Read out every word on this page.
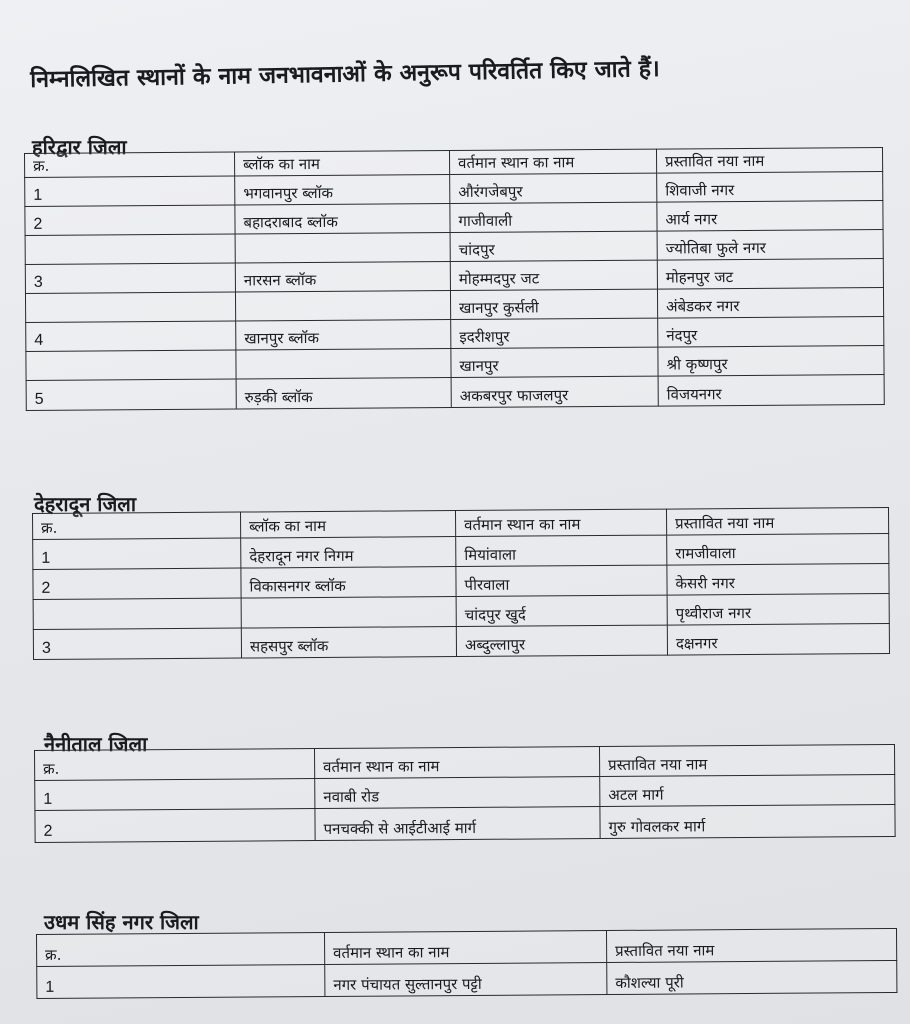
निम्नलिखित स्थानों के नाम जनभावनाओं के अनुरूप परिवर्तित किए जाते हैं।
हरिद्वार जिला
क्र.	ब्लॉक का नाम	वर्तमान स्थान का नाम	प्रस्तावित नया नाम
1	भगवानपुर ब्लॉक	औरंगजेबपुर	शिवाजी नगर
2	बहादराबाद ब्लॉक	गाजीवाली	आर्य नगर
		चांदपुर	ज्योतिबा फुले नगर
3	नारसन ब्लॉक	मोहम्मदपुर जट	मोहनपुर जट
		खानपुर कुर्सली	अंबेडकर नगर
4	खानपुर ब्लॉक	इदरीशपुर	नंदपुर
		खानपुर	श्री कृष्णपुर
5	रुड़की ब्लॉक	अकबरपुर फाजलपुर	विजयनगर
देहरादून जिला
क्र.	ब्लॉक का नाम	वर्तमान स्थान का नाम	प्रस्तावित नया नाम
1	देहरादून नगर निगम	मियांवाला	रामजीवाला
2	विकासनगर ब्लॉक	पीरवाला	केसरी नगर
		चांदपुर खुर्द	पृथ्वीराज नगर
3	सहसपुर ब्लॉक	अब्दुल्लापुर	दक्षनगर
नैनीताल जिला
क्र.	वर्तमान स्थान का नाम	प्रस्तावित नया नाम
1	नवाबी रोड	अटल मार्ग
2	पनचक्की से आईटीआई मार्ग	गुरु गोवलकर मार्ग
उधम सिंह नगर जिला
क्र.	वर्तमान स्थान का नाम	प्रस्तावित नया नाम
1	नगर पंचायत सुल्तानपुर पट्टी	कौशल्या पूरी
